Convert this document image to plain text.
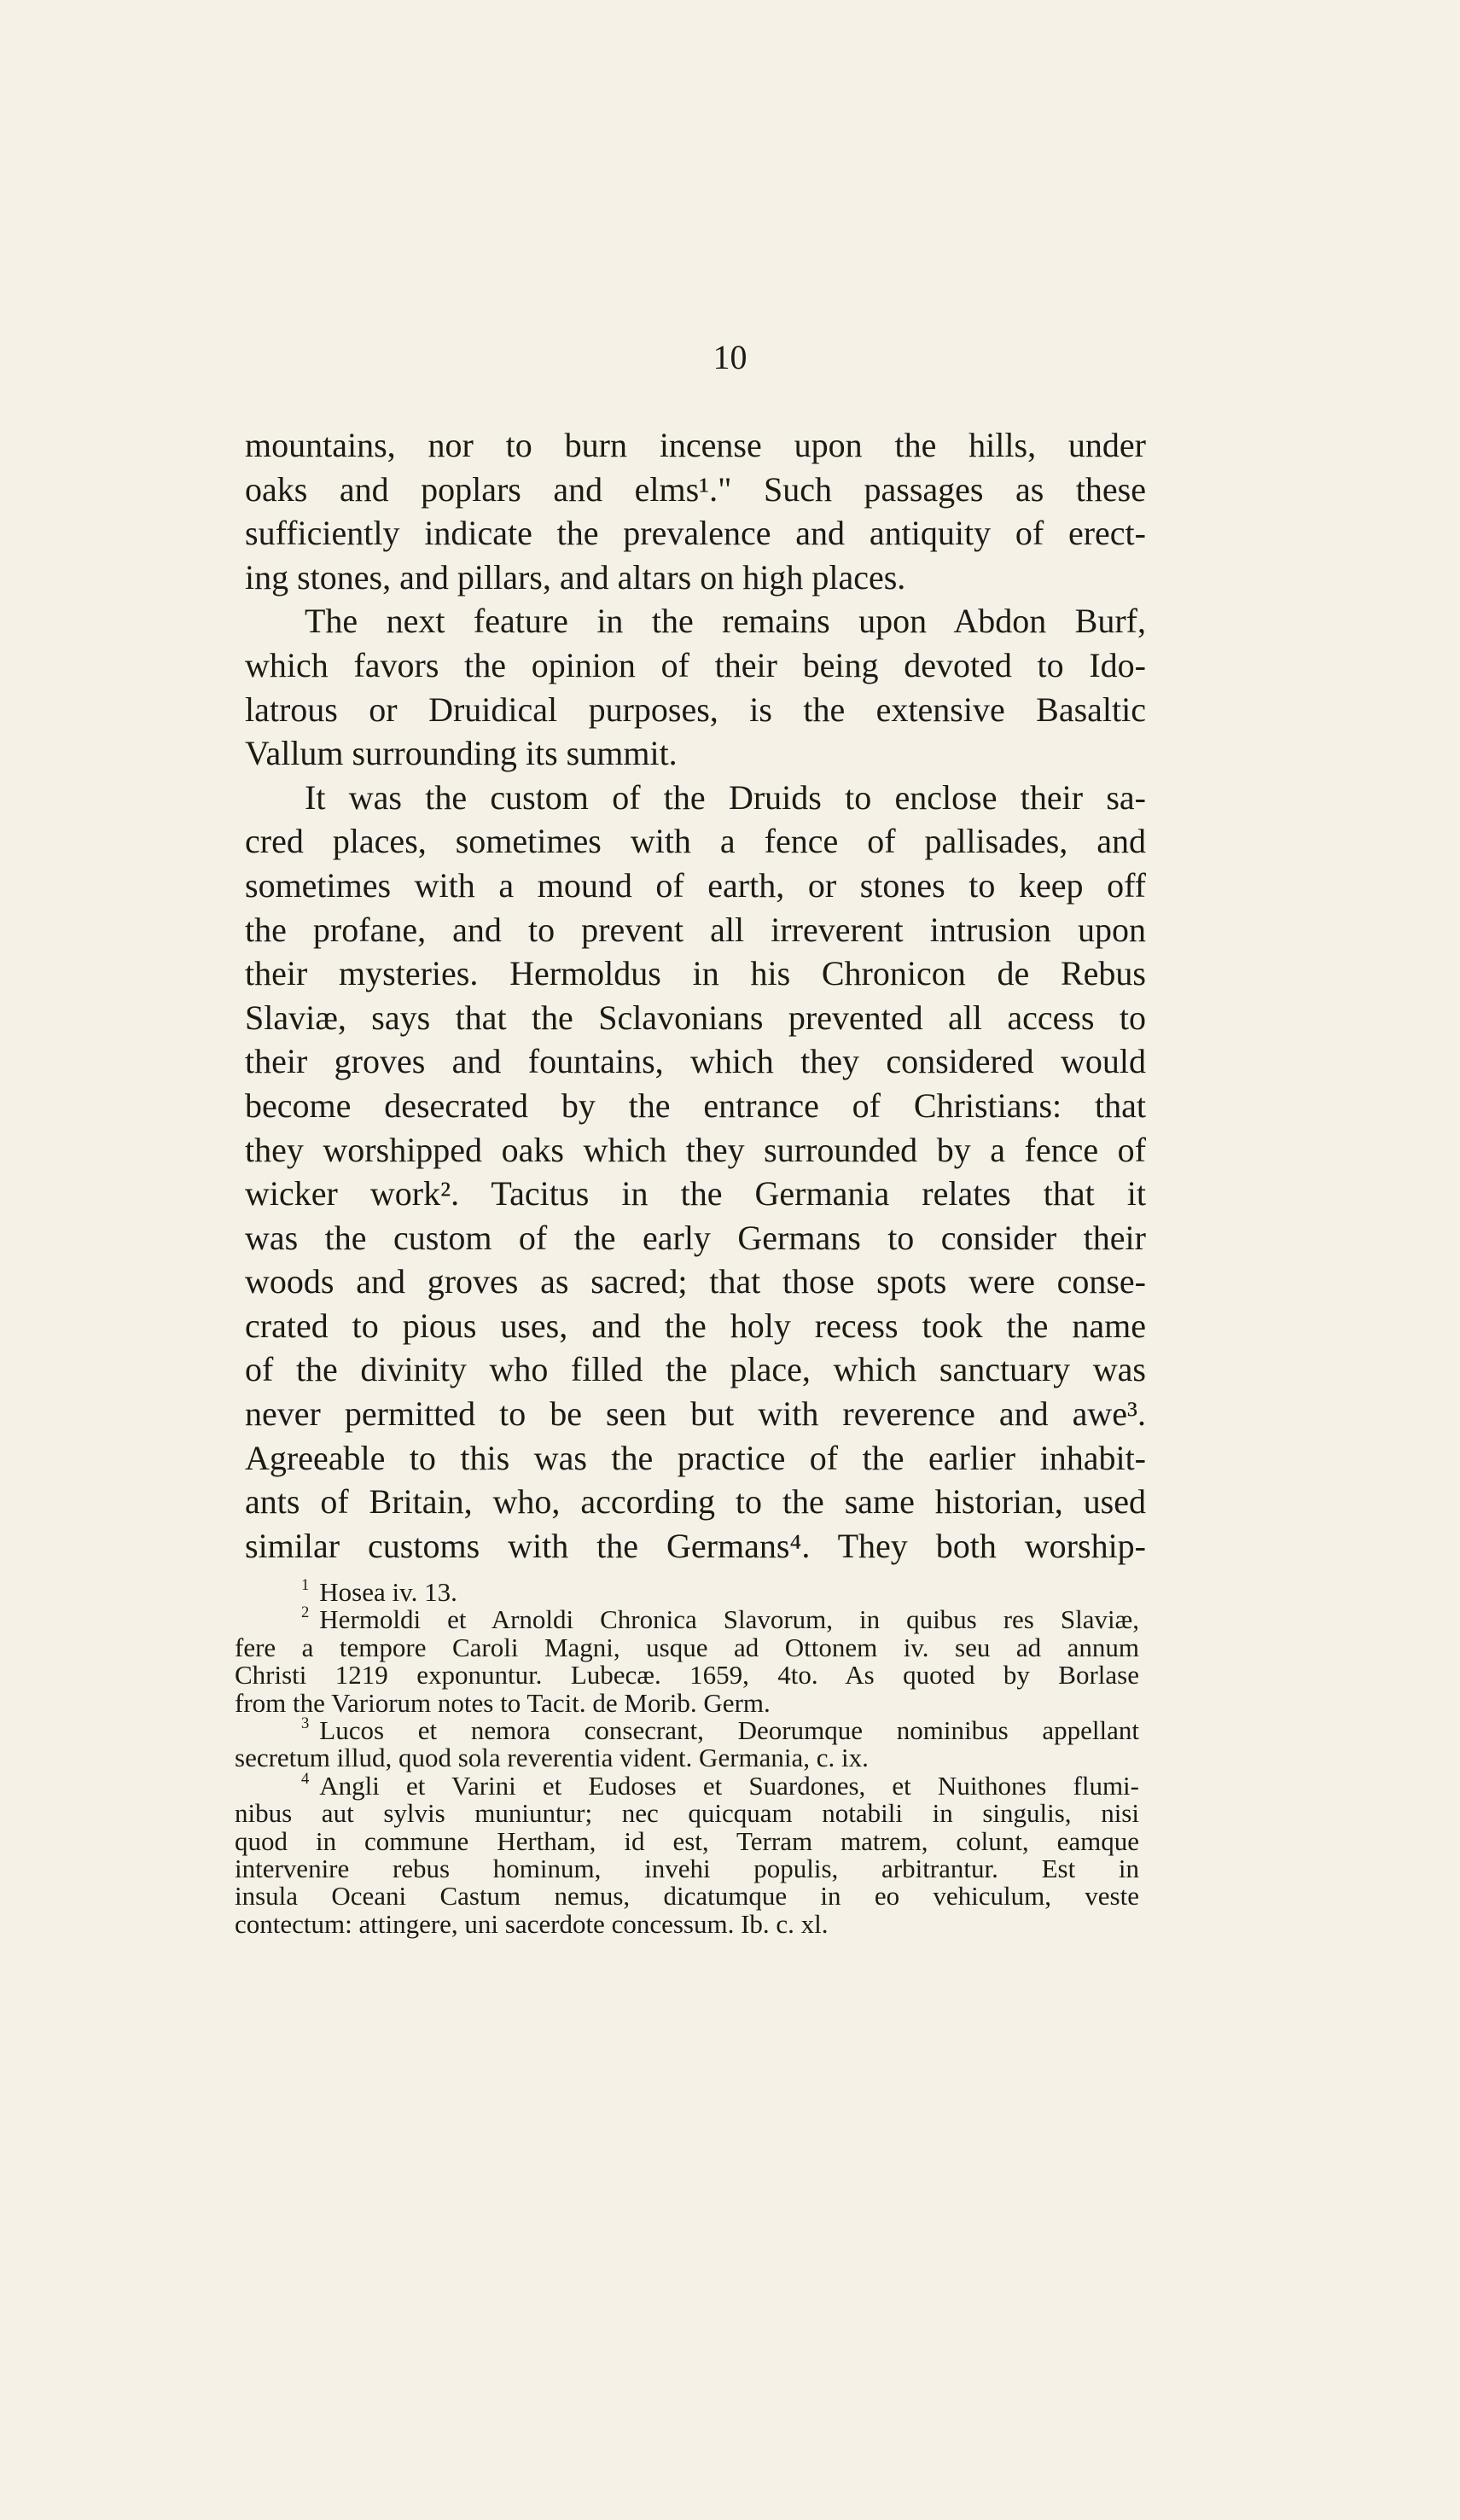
10
mountains, nor to burn incense upon the hills, under
oaks and poplars and elms¹." Such passages as these
sufficiently indicate the prevalence and antiquity of erect-
ing stones, and pillars, and altars on high places.
The next feature in the remains upon Abdon Burf,
which favors the opinion of their being devoted to Ido-
latrous or Druidical purposes, is the extensive Basaltic
Vallum surrounding its summit.
It was the custom of the Druids to enclose their sa-
cred places, sometimes with a fence of pallisades, and
sometimes with a mound of earth, or stones to keep off
the profane, and to prevent all irreverent intrusion upon
their mysteries. Hermoldus in his Chronicon de Rebus
Slaviæ, says that the Sclavonians prevented all access to
their groves and fountains, which they considered would
become desecrated by the entrance of Christians: that
they worshipped oaks which they surrounded by a fence of
wicker work². Tacitus in the Germania relates that it
was the custom of the early Germans to consider their
woods and groves as sacred; that those spots were conse-
crated to pious uses, and the holy recess took the name
of the divinity who filled the place, which sanctuary was
never permitted to be seen but with reverence and awe³.
Agreeable to this was the practice of the earlier inhabit-
ants of Britain, who, according to the same historian, used
similar customs with the Germans⁴. They both worship-
$^1$ Hosea iv. 13.
$^2$ Hermoldi et Arnoldi Chronica Slavorum, in quibus res Slaviæ,
fere a tempore Caroli Magni, usque ad Ottonem iv. seu ad annum
Christi 1219 exponuntur. Lubecæ. 1659, 4to. As quoted by Borlase
from the Variorum notes to Tacit. de Morib. Germ.
$^3$ Lucos et nemora consecrant, Deorumque nominibus appellant
secretum illud, quod sola reverentia vident. Germania, c. ix.
$^4$ Angli et Varini et Eudoses et Suardones, et Nuithones flumi-
nibus aut sylvis muniuntur; nec quicquam notabili in singulis, nisi
quod in commune Hertham, id est, Terram matrem, colunt, eamque
intervenire rebus hominum, invehi populis, arbitrantur. Est in
insula Oceani Castum nemus, dicatumque in eo vehiculum, veste
contectum: attingere, uni sacerdote concessum. Ib. c. xl.
